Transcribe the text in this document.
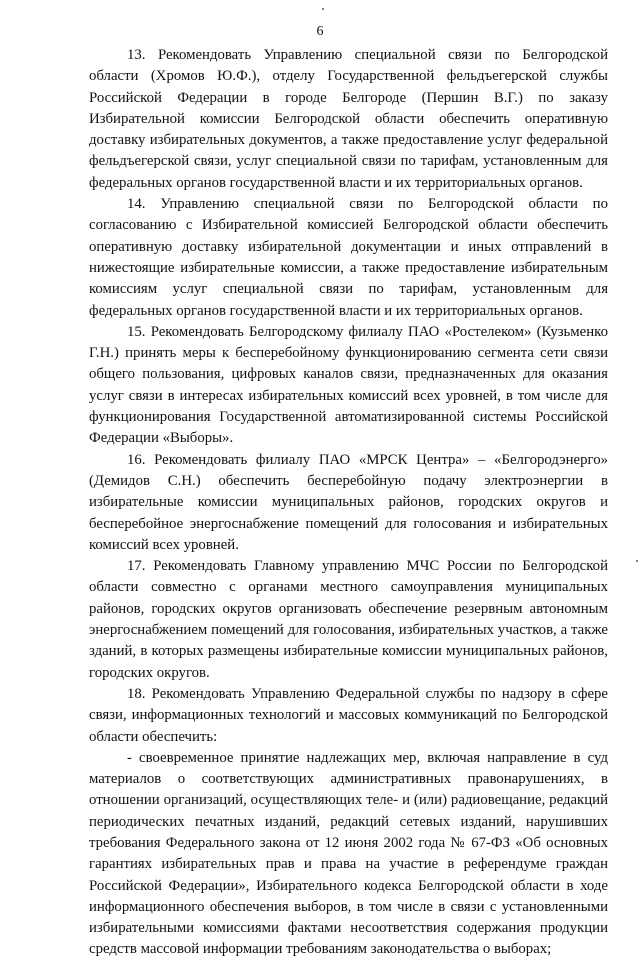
6

13. Рекомендовать Управлению специальной связи по Белгородской области (Хромов Ю.Ф.), отделу Государственной фельдъегерской службы Российской Федерации в городе Белгороде (Першин В.Г.) по заказу Избирательной комиссии Белгородской области обеспечить оперативную доставку избирательных документов, а также предоставление услуг федеральной фельдъегерской связи, услуг специальной связи по тарифам, установленным для федеральных органов государственной власти и их территориальных органов.

14. Управлению специальной связи по Белгородской области по согласованию с Избирательной комиссией Белгородской области обеспечить оперативную доставку избирательной документации и иных отправлений в нижестоящие избирательные комиссии, а также предоставление избирательным комиссиям услуг специальной связи по тарифам, установленным для федеральных органов государственной власти и их территориальных органов.

15. Рекомендовать Белгородскому филиалу ПАО «Ростелеком» (Кузьменко Г.Н.) принять меры к бесперебойному функционированию сегмента сети связи общего пользования, цифровых каналов связи, предназначенных для оказания услуг связи в интересах избирательных комиссий всех уровней, в том числе для функционирования Государственной автоматизированной системы Российской Федерации «Выборы».

16. Рекомендовать филиалу ПАО «МРСК Центра» – «Белгородэнерго» (Демидов С.Н.) обеспечить бесперебойную подачу электроэнергии в избирательные комиссии муниципальных районов, городских округов и бесперебойное энергоснабжение помещений для голосования и избирательных комиссий всех уровней.

17. Рекомендовать Главному управлению МЧС России по Белгородской области совместно с органами местного самоуправления муниципальных районов, городских округов организовать обеспечение резервным автономным энергоснабжением помещений для голосования, избирательных участков, а также зданий, в которых размещены избирательные комиссии муниципальных районов, городских округов.

18. Рекомендовать Управлению Федеральной службы по надзору в сфере связи, информационных технологий и массовых коммуникаций по Белгородской области обеспечить:

- своевременное принятие надлежащих мер, включая направление в суд материалов о соответствующих административных правонарушениях, в отношении организаций, осуществляющих теле- и (или) радиовещание, редакций периодических печатных изданий, редакций сетевых изданий, нарушивших требования Федерального закона от 12 июня 2002 года № 67-ФЗ «Об основных гарантиях избирательных прав и права на участие в референдуме граждан Российской Федерации», Избирательного кодекса Белгородской области в ходе информационного обеспечения выборов, в том числе в связи с установленными избирательными комиссиями фактами несоответствия содержания продукции средств массовой информации требованиям законодательства о выборах;
